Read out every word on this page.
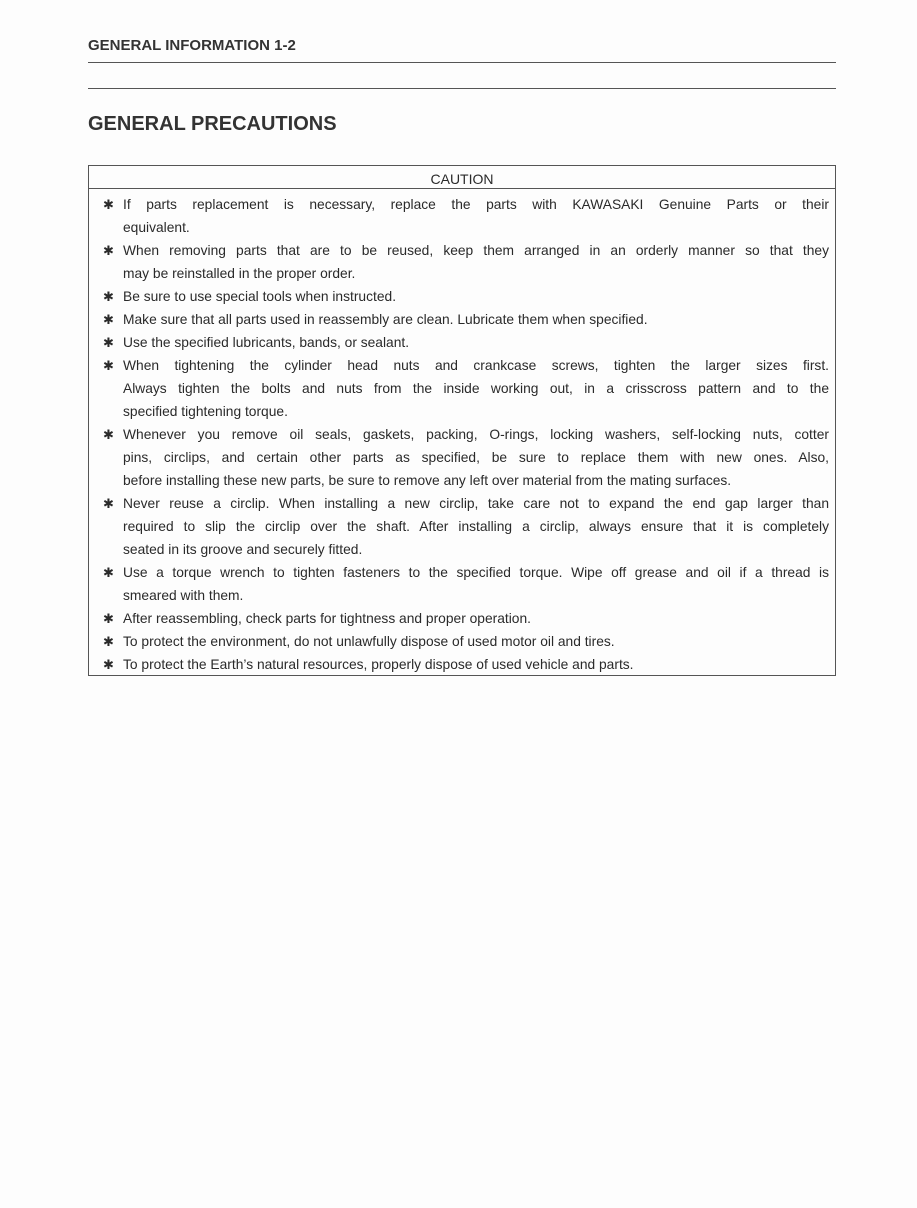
GENERAL INFORMATION 1-2
GENERAL PRECAUTIONS
CAUTION
✱ If parts replacement is necessary, replace the parts with KAWASAKI Genuine Parts or their
equivalent.
✱ When removing parts that are to be reused, keep them arranged in an orderly manner so that they
may be reinstalled in the proper order.
✱ Be sure to use special tools when instructed.
✱ Make sure that all parts used in reassembly are clean. Lubricate them when specified.
✱ Use the specified lubricants, bands, or sealant.
✱ When tightening the cylinder head nuts and crankcase screws, tighten the larger sizes first.
Always tighten the bolts and nuts from the inside working out, in a crisscross pattern and to the
specified tightening torque.
✱ Whenever you remove oil seals, gaskets, packing, O-rings, locking washers, self-locking nuts, cotter
pins, circlips, and certain other parts as specified, be sure to replace them with new ones. Also,
before installing these new parts, be sure to remove any left over material from the mating surfaces.
✱ Never reuse a circlip. When installing a new circlip, take care not to expand the end gap larger than
required to slip the circlip over the shaft. After installing a circlip, always ensure that it is completely
seated in its groove and securely fitted.
✱ Use a torque wrench to tighten fasteners to the specified torque. Wipe off grease and oil if a thread is
smeared with them.
✱ After reassembling, check parts for tightness and proper operation.
✱ To protect the environment, do not unlawfully dispose of used motor oil and tires.
✱ To protect the Earth’s natural resources, properly dispose of used vehicle and parts.
